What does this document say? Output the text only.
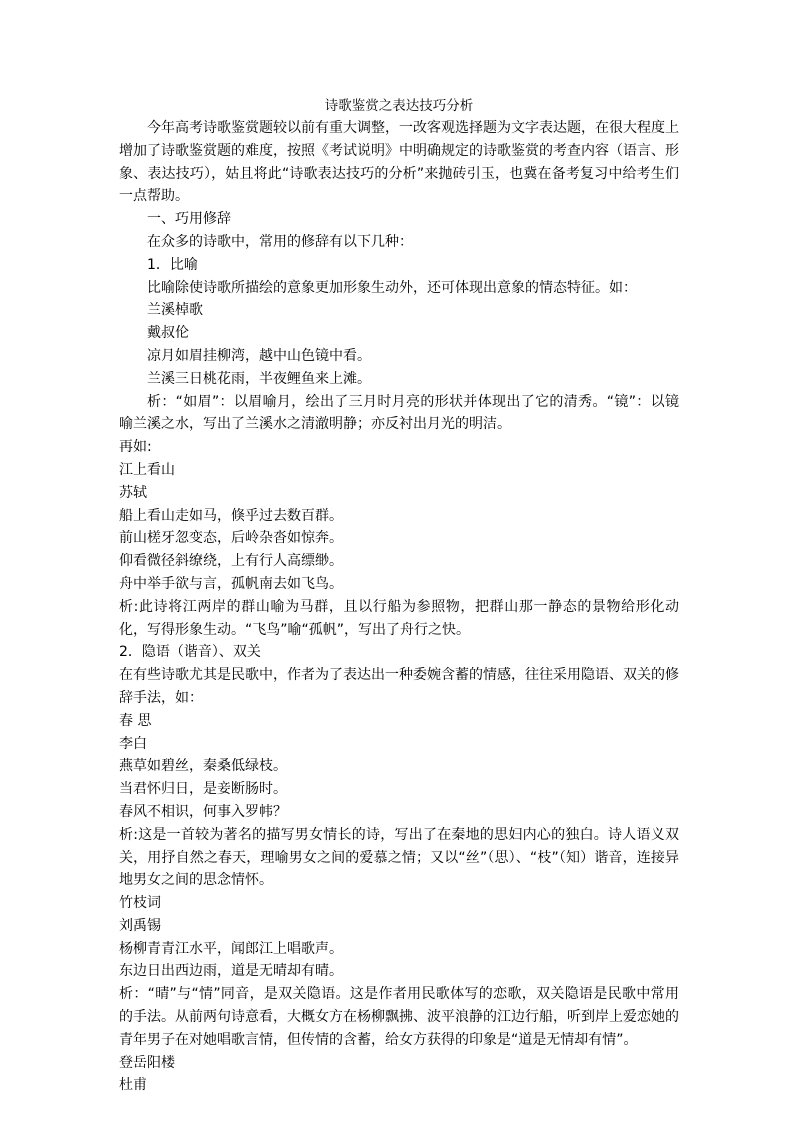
诗歌鉴赏之表达技巧分析
今年高考诗歌鉴赏题较以前有重大调整，一改客观选择题为文字表达题，在很大程度上增加了诗歌鉴赏题的难度，按照《考试说明》中明确规定的诗歌鉴赏的考查内容（语言、形象、表达技巧），姑且将此“诗歌表达技巧的分析”来抛砖引玉，也冀在备考复习中给考生们一点帮助。
一、巧用修辞
在众多的诗歌中，常用的修辞有以下几种：
1．比喻
比喻除使诗歌所描绘的意象更加形象生动外，还可体现出意象的情态特征。如：
兰溪棹歌
戴叔伦
凉月如眉挂柳湾，越中山色镜中看。
兰溪三日桃花雨，半夜鲤鱼来上滩。
析：“如眉”：以眉喻月，绘出了三月时月亮的形状并体现出了它的清秀。“镜”：以镜喻兰溪之水，写出了兰溪水之清澈明静；亦反衬出月光的明洁。
再如:
江上看山
苏轼
船上看山走如马，倏乎过去数百群。
前山槎牙忽变态，后岭杂沓如惊奔。
仰看微径斜缭绕，上有行人高缥缈。
舟中举手欲与言，孤帆南去如飞鸟。
析:此诗将江两岸的群山喻为马群，且以行船为参照物，把群山那一静态的景物给形化动化，写得形象生动。“飞鸟”喻“孤帆”，写出了舟行之快。
2．隐语（谐音）、双关
在有些诗歌尤其是民歌中，作者为了表达出一种委婉含蓄的情感，往往采用隐语、双关的修辞手法，如：
春 思
李白
燕草如碧丝，秦桑低绿枝。
当君怀归日，是妾断肠时。
春风不相识，何事入罗帏？
析:这是一首较为著名的描写男女情长的诗，写出了在秦地的思妇内心的独白。诗人语义双关，用抒自然之春天，理喻男女之间的爱慕之情；又以“丝”（思）、“枝”（知）谐音，连接异地男女之间的思念情怀。
竹枝词
刘禹锡
杨柳青青江水平，闻郎江上唱歌声。
东边日出西边雨，道是无晴却有晴。
析：“晴”与“情”同音，是双关隐语。这是作者用民歌体写的恋歌，双关隐语是民歌中常用的手法。从前两句诗意看，大概女方在杨柳飘拂、波平浪静的江边行船，听到岸上爱恋她的青年男子在对她唱歌言情，但传情的含蓄，给女方获得的印象是“道是无情却有情”。
登岳阳楼
杜甫
